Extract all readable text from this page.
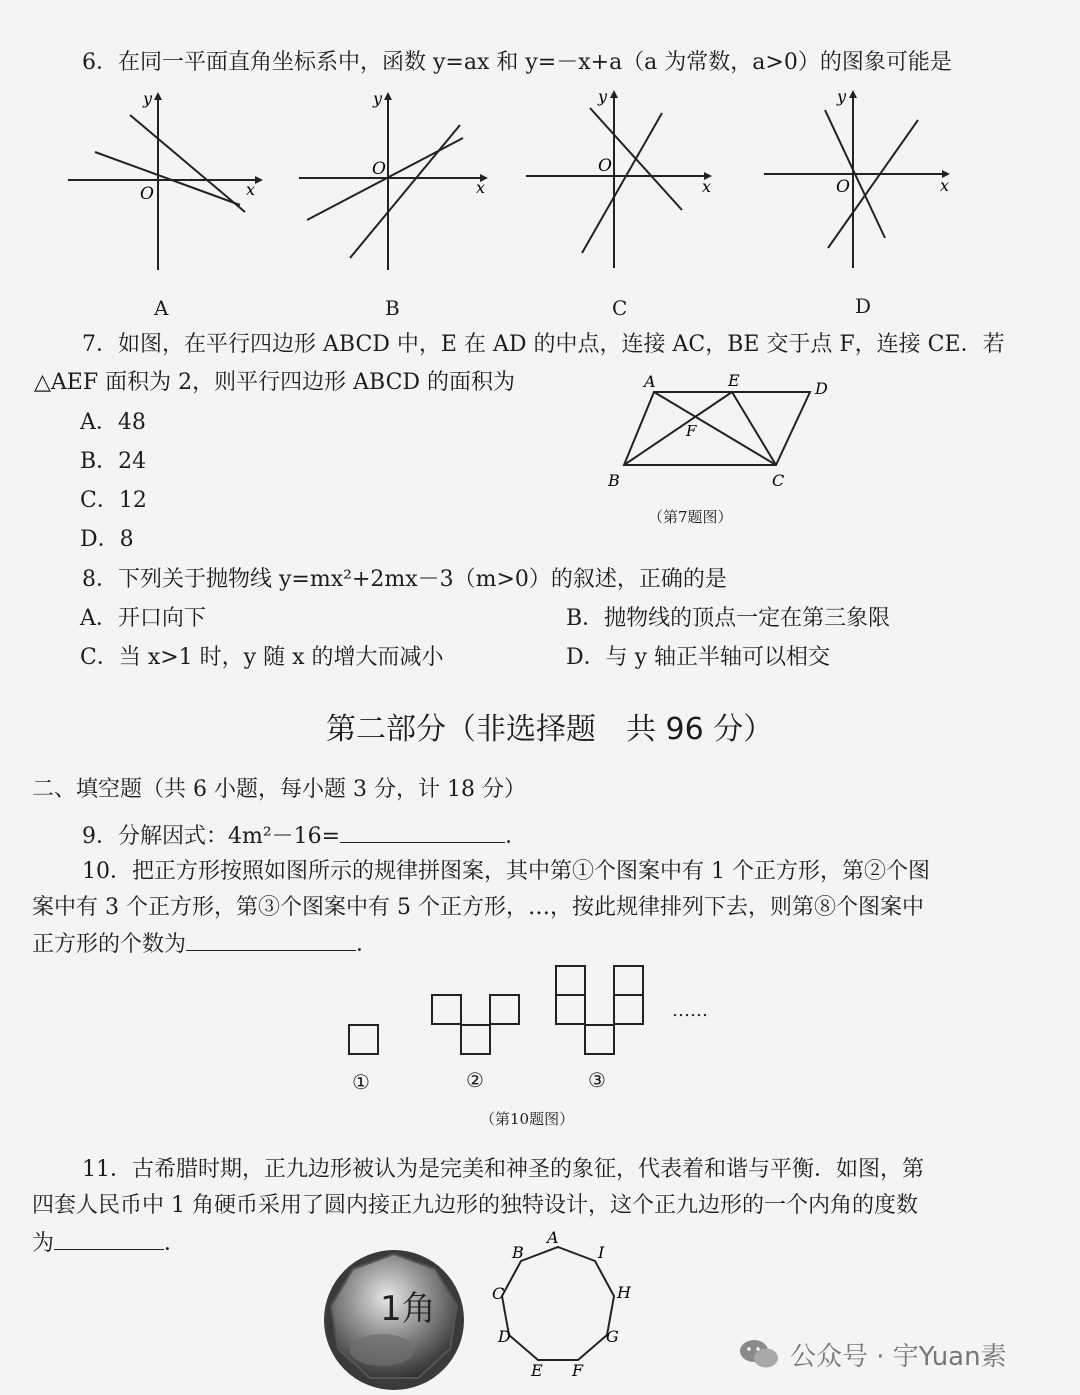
6．在同一平面直角坐标系中，函数 y=ax 和 y=－x+a（a 为常数，a>0）的图象可能是
y
x
O
A
y
x
O
B
y
x
O
C
y
x
O
D
7．如图，在平行四边形 ABCD 中，E 在 AD 的中点，连接 AC，BE 交于点 F，连接 CE．若
△AEF 面积为 2，则平行四边形 ABCD 的面积为
A．48
B．24
C．12
D．8
A	E	D
F
B	C
（第7题图）
8．下列关于抛物线 y=mx²+2mx－3（m>0）的叙述，正确的是
A．开口向下	B．抛物线的顶点一定在第三象限
C．当 x>1 时，y 随 x 的增大而减小	D．与 y 轴正半轴可以相交
第二部分（非选择题　共 96 分）
二、填空题（共 6 小题，每小题 3 分，计 18 分）
9．分解因式：4m²－16=	．
10．把正方形按照如图所示的规律拼图案，其中第①个图案中有 1 个正方形，第②个图
案中有 3 个正方形，第③个图案中有 5 个正方形，…，按此规律排列下去，则第⑧个图案中
正方形的个数为	．
……
①	②	③
（第10题图）
11．古希腊时期，正九边形被认为是完美和神圣的象征，代表着和谐与平衡．如图，第
四套人民币中 1 角硬币采用了圆内接正九边形的独特设计，这个正九边形的一个内角的度数
为	．
1角
A
I
H
G
F
E
D
C
B
公众号 · 宇Yuan素
